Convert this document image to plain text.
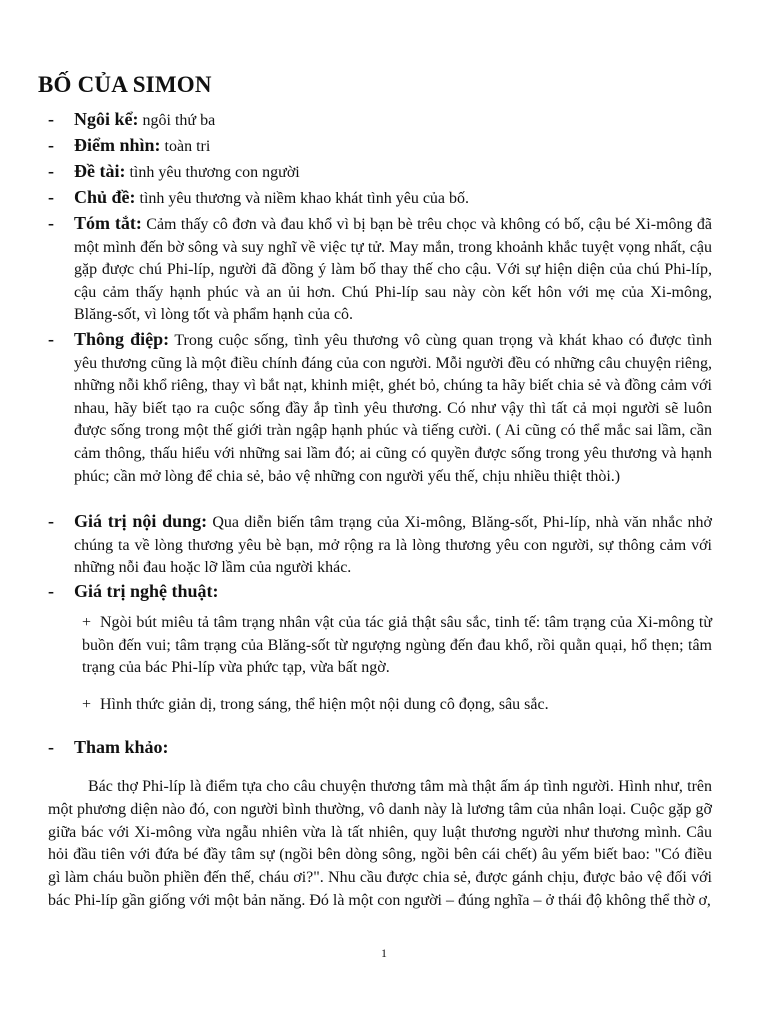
BỐ CỦA SIMON
- Ngôi kể: ngôi thứ ba
- Điểm nhìn: toàn tri
- Đề tài: tình yêu thương con người
- Chủ đề: tình yêu thương và niềm khao khát tình yêu của bố.
- Tóm tắt: Cảm thấy cô đơn và đau khổ vì bị bạn bè trêu chọc và không có bố, cậu bé Xi-mông đã một mình đến bờ sông và suy nghĩ về việc tự tử. May mắn, trong khoảnh khắc tuyệt vọng nhất, cậu gặp được chú Phi-líp, người đã đồng ý làm bố thay thế cho cậu. Với sự hiện diện của chú Phi-líp, cậu cảm thấy hạnh phúc và an ủi hơn. Chú Phi-líp sau này còn kết hôn với mẹ của Xi-mông, Blăng-sốt, vì lòng tốt và phẩm hạnh của cô.
- Thông điệp: Trong cuộc sống, tình yêu thương vô cùng quan trọng và khát khao có được tình yêu thương cũng là một điều chính đáng của con người. Mỗi người đều có những câu chuyện riêng, những nỗi khổ riêng, thay vì bắt nạt, khinh miệt, ghét bỏ, chúng ta hãy biết chia sẻ và đồng cảm với nhau, hãy biết tạo ra cuộc sống đầy ắp tình yêu thương. Có như vậy thì tất cả mọi người sẽ luôn được sống trong một thế giới tràn ngập hạnh phúc và tiếng cười. ( Ai cũng có thể mắc sai lầm, cần cảm thông, thấu hiểu với những sai lầm đó; ai cũng có quyền được sống trong yêu thương và hạnh phúc; cần mở lòng để chia sẻ, bảo vệ những con người yếu thế, chịu nhiều thiệt thòi.)
- Giá trị nội dung: Qua diễn biến tâm trạng của Xi-mông, Blăng-sốt, Phi-líp, nhà văn nhắc nhở chúng ta về lòng thương yêu bè bạn, mở rộng ra là lòng thương yêu con người, sự thông cảm với những nỗi đau hoặc lỡ lầm của người khác.
- Giá trị nghệ thuật:
+ Ngòi bút miêu tả tâm trạng nhân vật của tác giả thật sâu sắc, tinh tế: tâm trạng của Xi-mông từ buồn đến vui; tâm trạng của Blăng-sốt từ ngượng ngùng đến đau khổ, rồi quằn quại, hổ thẹn; tâm trạng của bác Phi-líp vừa phức tạp, vừa bất ngờ.
+ Hình thức giản dị, trong sáng, thể hiện một nội dung cô đọng, sâu sắc.
- Tham khảo:
Bác thợ Phi-líp là điểm tựa cho câu chuyện thương tâm mà thật ấm áp tình người. Hình như, trên một phương diện nào đó, con người bình thường, vô danh này là lương tâm của nhân loại. Cuộc gặp gỡ giữa bác với Xi-mông vừa ngẫu nhiên vừa là tất nhiên, quy luật thương người như thương mình. Câu hỏi đầu tiên với đứa bé đầy tâm sự (ngồi bên dòng sông, ngồi bên cái chết) âu yếm biết bao: "Có điều gì làm cháu buồn phiền đến thế, cháu ơi?". Nhu cầu được chia sẻ, được gánh chịu, được bảo vệ đối với bác Phi-líp gần giống với một bản năng. Đó là một con người – đúng nghĩa – ở thái độ không thể thờ ơ,
1
